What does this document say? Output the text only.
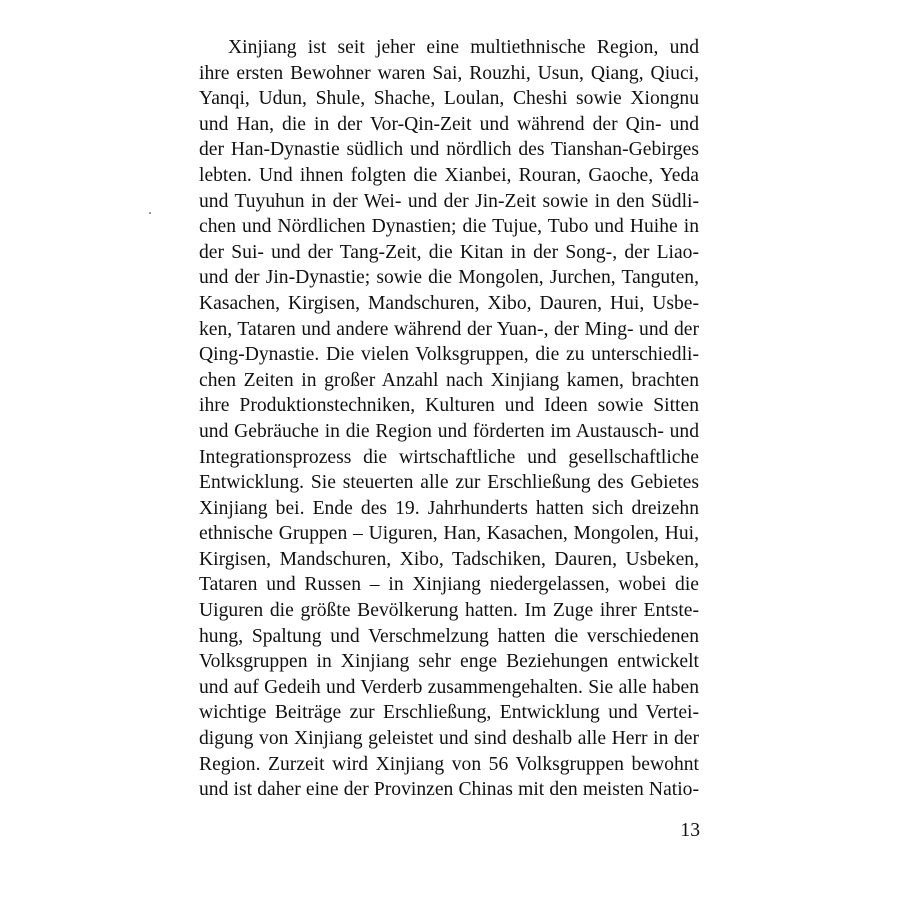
Xinjiang ist seit jeher eine multiethnische Region, und
ihre ersten Bewohner waren Sai, Rouzhi, Usun, Qiang, Qiuci,
Yanqi, Udun, Shule, Shache, Loulan, Cheshi sowie Xiongnu
und Han, die in der Vor-Qin-Zeit und während der Qin- und
der Han-Dynastie südlich und nördlich des Tianshan-Gebirges
lebten. Und ihnen folgten die Xianbei, Rouran, Gaoche, Yeda
und Tuyuhun in der Wei- und der Jin-Zeit sowie in den Südli-
chen und Nördlichen Dynastien; die Tujue, Tubo und Huihe in
der Sui- und der Tang-Zeit, die Kitan in der Song-, der Liao-
und der Jin-Dynastie; sowie die Mongolen, Jurchen, Tanguten,
Kasachen, Kirgisen, Mandschuren, Xibo, Dauren, Hui, Usbe-
ken, Tataren und andere während der Yuan-, der Ming- und der
Qing-Dynastie. Die vielen Volksgruppen, die zu unterschiedli-
chen Zeiten in großer Anzahl nach Xinjiang kamen, brachten
ihre Produktionstechniken, Kulturen und Ideen sowie Sitten
und Gebräuche in die Region und förderten im Austausch- und
Integrationsprozess die wirtschaftliche und gesellschaftliche
Entwicklung. Sie steuerten alle zur Erschließung des Gebietes
Xinjiang bei. Ende des 19. Jahrhunderts hatten sich dreizehn
ethnische Gruppen – Uiguren, Han, Kasachen, Mongolen, Hui,
Kirgisen, Mandschuren, Xibo, Tadschiken, Dauren, Usbeken,
Tataren und Russen – in Xinjiang niedergelassen, wobei die
Uiguren die größte Bevölkerung hatten. Im Zuge ihrer Entste-
hung, Spaltung und Verschmelzung hatten die verschiedenen
Volksgruppen in Xinjiang sehr enge Beziehungen entwickelt
und auf Gedeih und Verderb zusammengehalten. Sie alle haben
wichtige Beiträge zur Erschließung, Entwicklung und Vertei-
digung von Xinjiang geleistet und sind deshalb alle Herr in der
Region. Zurzeit wird Xinjiang von 56 Volksgruppen bewohnt
und ist daher eine der Provinzen Chinas mit den meisten Natio-
13
